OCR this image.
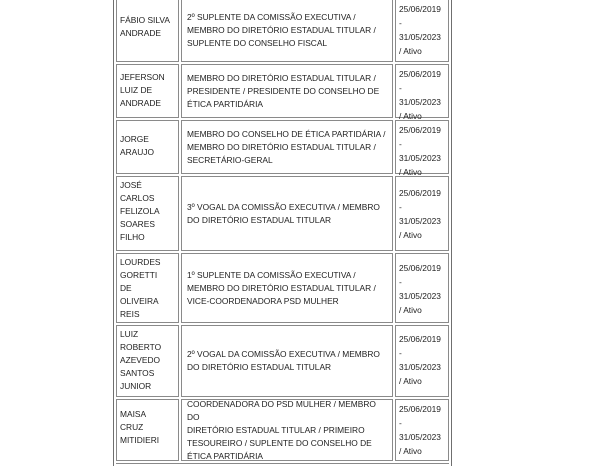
FÁBIO SILVA
ANDRADE
2º SUPLENTE DA COMISSÃO EXECUTIVA /
MEMBRO DO DIRETÓRIO ESTADUAL TITULAR /
SUPLENTE DO CONSELHO FISCAL
25/06/2019
-
31/05/2023
/ Ativo
JEFERSON
LUIZ DE
ANDRADE
MEMBRO DO DIRETÓRIO ESTADUAL TITULAR /
PRESIDENTE / PRESIDENTE DO CONSELHO DE
ÉTICA PARTIDÁRIA
25/06/2019
-
31/05/2023
/ Ativo
JORGE
ARAUJO
MEMBRO DO CONSELHO DE ÉTICA PARTIDÁRIA /
MEMBRO DO DIRETÓRIO ESTADUAL TITULAR /
SECRETÁRIO-GERAL
25/06/2019
-
31/05/2023
/ Ativo
JOSÉ
CARLOS
FELIZOLA
SOARES
FILHO
3º VOGAL DA COMISSÃO EXECUTIVA / MEMBRO
DO DIRETÓRIO ESTADUAL TITULAR
25/06/2019
-
31/05/2023
/ Ativo
LOURDES
GORETTI
DE
OLIVEIRA
REIS
1º SUPLENTE DA COMISSÃO EXECUTIVA /
MEMBRO DO DIRETÓRIO ESTADUAL TITULAR /
VICE-COORDENADORA PSD MULHER
25/06/2019
-
31/05/2023
/ Ativo
LUIZ
ROBERTO
AZEVEDO
SANTOS
JUNIOR
2º VOGAL DA COMISSÃO EXECUTIVA / MEMBRO
DO DIRETÓRIO ESTADUAL TITULAR
25/06/2019
-
31/05/2023
/ Ativo
MAISA
CRUZ
MITIDIERI
COORDENADORA DO PSD MULHER / MEMBRO DO
DIRETÓRIO ESTADUAL TITULAR / PRIMEIRO
TESOUREIRO / SUPLENTE DO CONSELHO DE
ÉTICA PARTIDÁRIA
25/06/2019
-
31/05/2023
/ Ativo
